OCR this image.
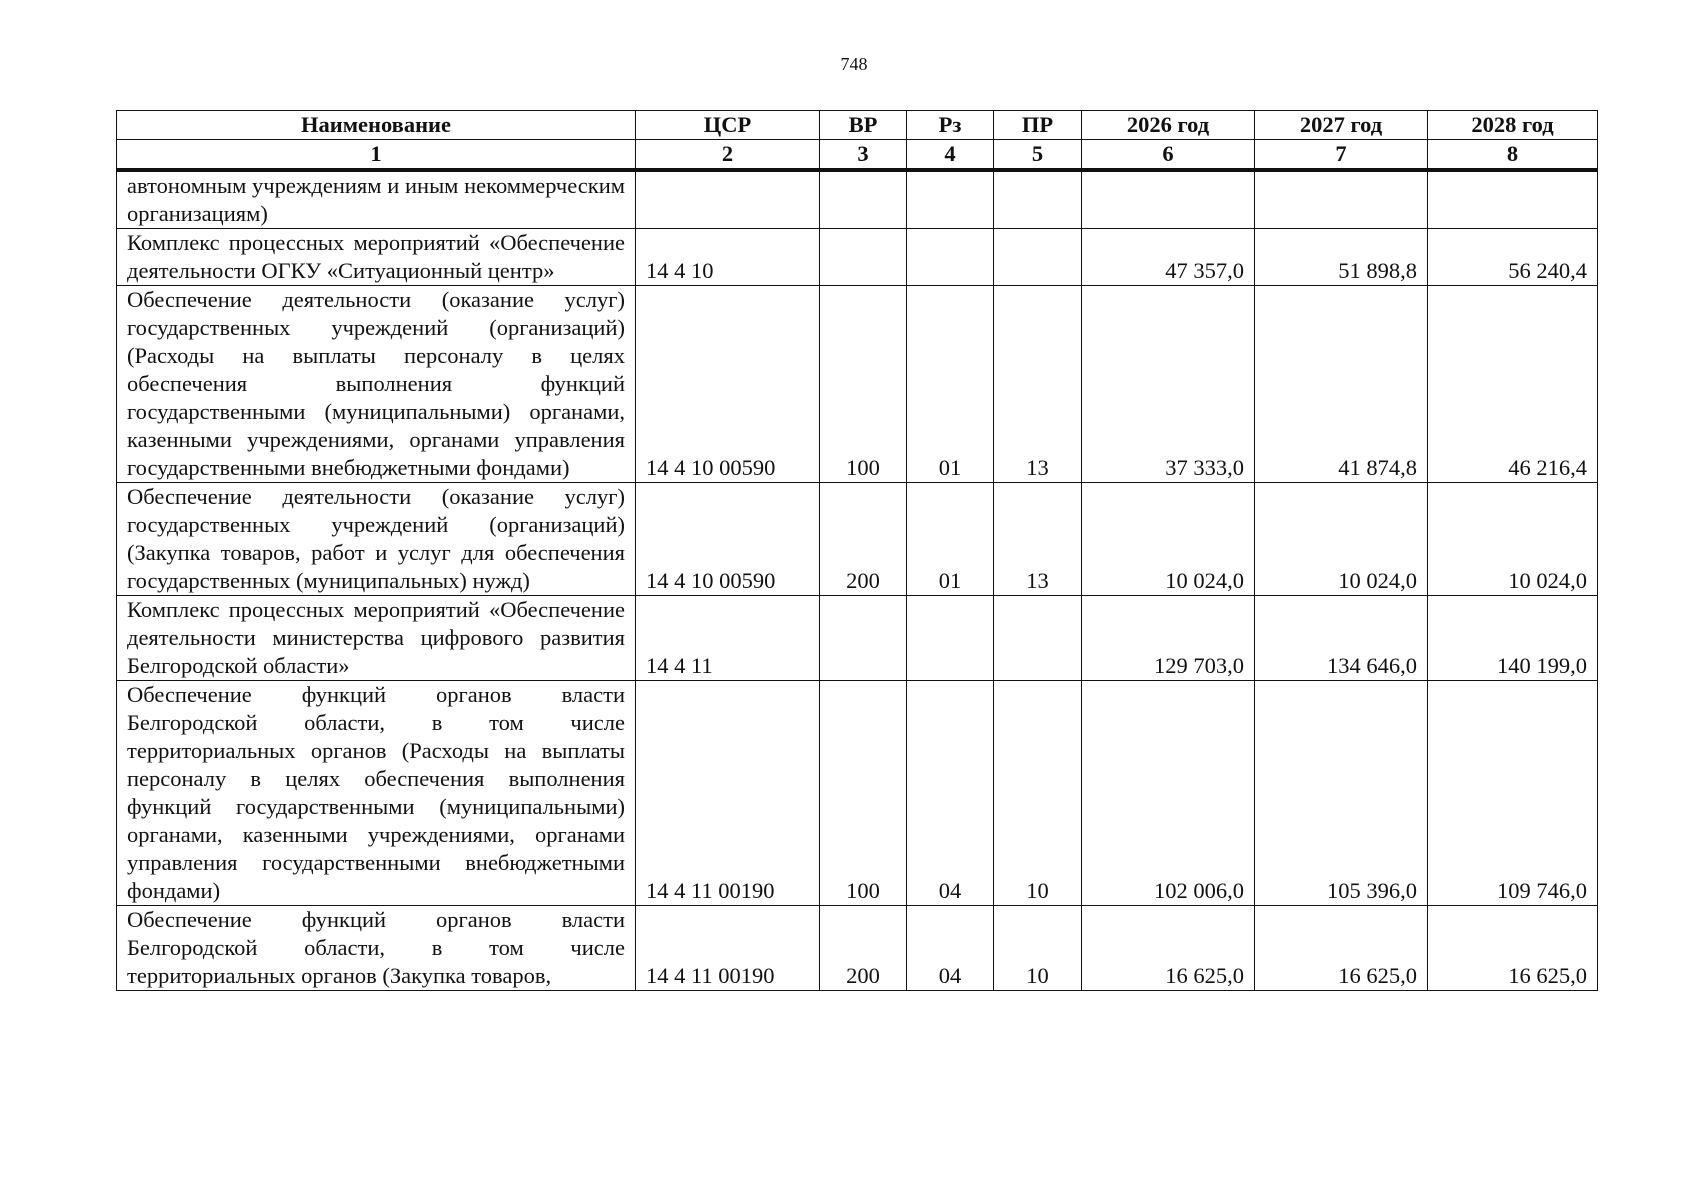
748
Наименование	ЦСР	ВР	Рз	ПР	2026 год	2027 год	2028 год
1	2	3	4	5	6	7	8
автономным учреждениям и иным некоммерческим организациям)							
Комплекс процессных мероприятий «Обеспечение деятельности ОГКУ «Ситуационный центр»	14 4 10				47 357,0	51 898,8	56 240,4
Обеспечение деятельности (оказание услуг) государственных учреждений (организаций) (Расходы на выплаты персоналу в целях обеспечения выполнения функций государственными (муниципальными) органами, казенными учреждениями, органами управления государственными внебюджетными фондами)	14 4 10 00590	100	01	13	37 333,0	41 874,8	46 216,4
Обеспечение деятельности (оказание услуг) государственных учреждений (организаций) (Закупка товаров, работ и услуг для обеспечения государственных (муниципальных) нужд)	14 4 10 00590	200	01	13	10 024,0	10 024,0	10 024,0
Комплекс процессных мероприятий «Обеспечение деятельности министерства цифрового развития Белгородской области»	14 4 11				129 703,0	134 646,0	140 199,0
Обеспечение функций органов власти Белгородской области, в том числе территориальных органов (Расходы на выплаты персоналу в целях обеспечения выполнения функций государственными (муниципальными) органами, казенными учреждениями, органами управления государственными внебюджетными фондами)	14 4 11 00190	100	04	10	102 006,0	105 396,0	109 746,0
Обеспечение функций органов власти Белгородской области, в том числе территориальных органов (Закупка товаров,	14 4 11 00190	200	04	10	16 625,0	16 625,0	16 625,0
